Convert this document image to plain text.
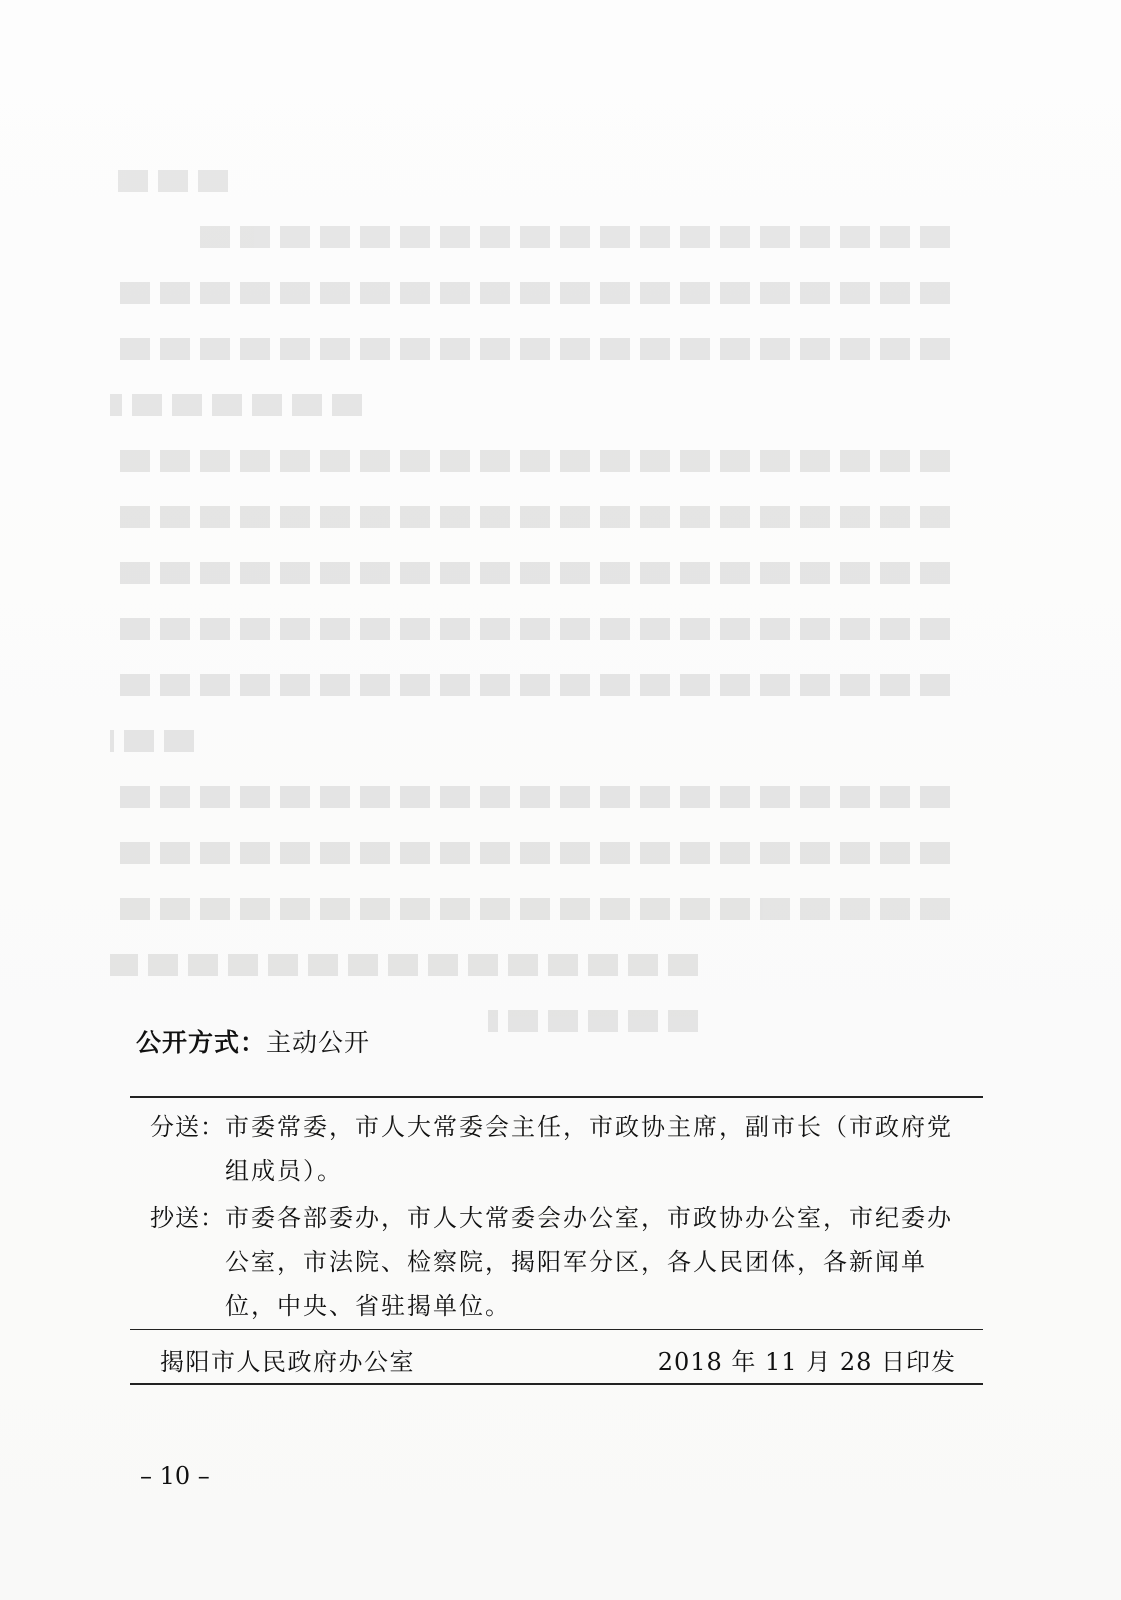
公开方式：主动公开
分送： 市委常委，市人大常委会主任，市政协主席，副市长（市政府党组成员）。
抄送： 市委各部委办，市人大常委会办公室，市政协办公室，市纪委办公室，市法院、检察院，揭阳军分区，各人民团体，各新闻单位，中央、省驻揭单位。
揭阳市人民政府办公室	2018 年 11 月 28 日印发
– 10 –
